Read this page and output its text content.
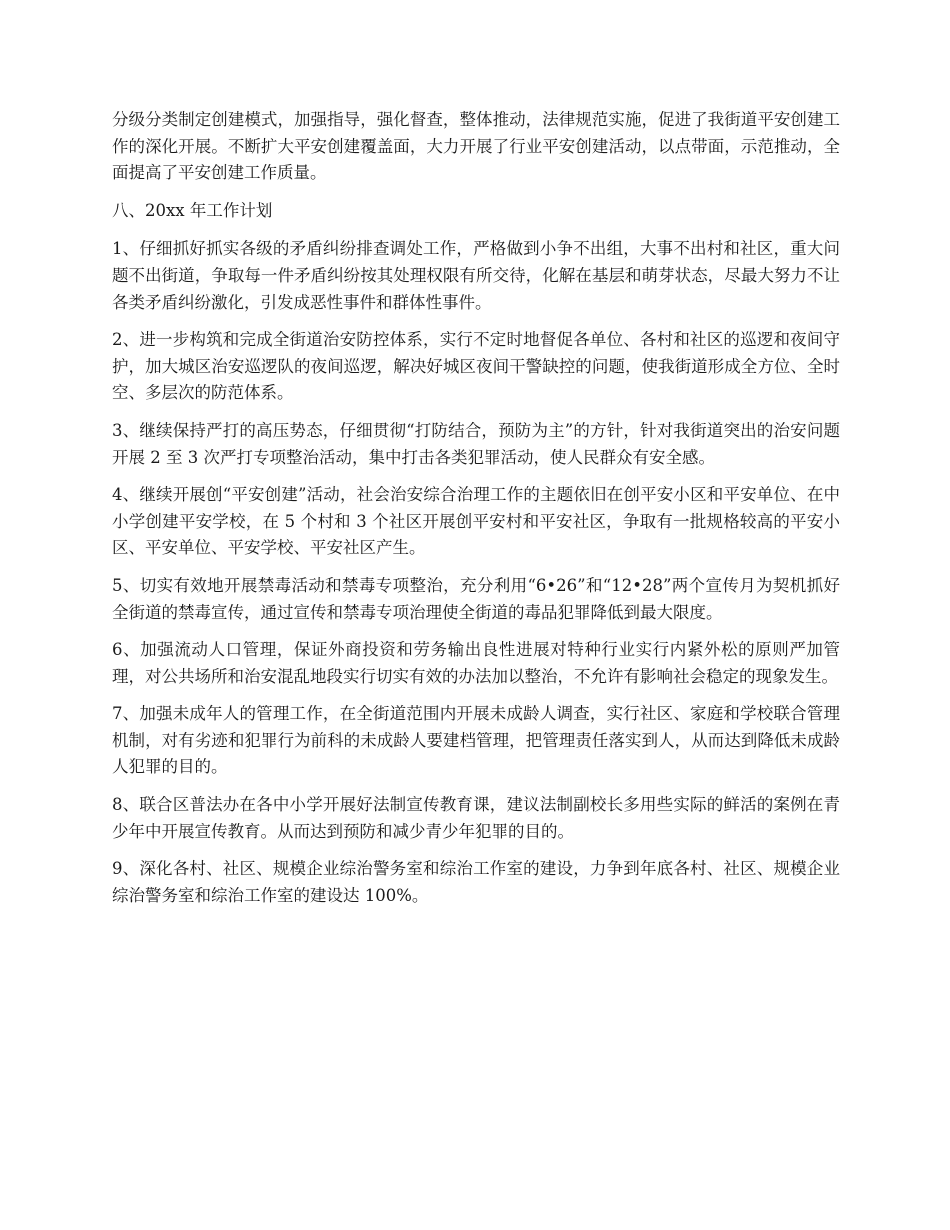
分级分类制定创建模式，加强指导，强化督查，整体推动，法律规范实施，促进了我街道平安创建工作的深化开展。不断扩大平安创建覆盖面，大力开展了行业平安创建活动，以点带面，示范推动，全面提高了平安创建工作质量。

八、20xx 年工作计划

1、仔细抓好抓实各级的矛盾纠纷排查调处工作，严格做到小争不出组，大事不出村和社区，重大问题不出街道，争取每一件矛盾纠纷按其处理权限有所交待，化解在基层和萌芽状态，尽最大努力不让各类矛盾纠纷激化，引发成恶性事件和群体性事件。

2、进一步构筑和完成全街道治安防控体系，实行不定时地督促各单位、各村和社区的巡逻和夜间守护，加大城区治安巡逻队的夜间巡逻，解决好城区夜间干警缺控的问题，使我街道形成全方位、全时空、多层次的防范体系。

3、继续保持严打的高压势态，仔细贯彻“打防结合，预防为主”的方针，针对我街道突出的治安问题开展 2 至 3 次严打专项整治活动，集中打击各类犯罪活动，使人民群众有安全感。

4、继续开展创“平安创建”活动，社会治安综合治理工作的主题依旧在创平安小区和平安单位、在中小学创建平安学校，在 5 个村和 3 个社区开展创平安村和平安社区，争取有一批规格较高的平安小区、平安单位、平安学校、平安社区产生。

5、切实有效地开展禁毒活动和禁毒专项整治，充分利用“6•26”和“12•28”两个宣传月为契机抓好全街道的禁毒宣传，通过宣传和禁毒专项治理使全街道的毒品犯罪降低到最大限度。

6、加强流动人口管理，保证外商投资和劳务输出良性进展对特种行业实行内紧外松的原则严加管理，对公共场所和治安混乱地段实行切实有效的办法加以整治，不允许有影响社会稳定的现象发生。

7、加强未成年人的管理工作，在全街道范围内开展未成龄人调查，实行社区、家庭和学校联合管理机制，对有劣迹和犯罪行为前科的未成龄人要建档管理，把管理责任落实到人，从而达到降低未成龄人犯罪的目的。

8、联合区普法办在各中小学开展好法制宣传教育课，建议法制副校长多用些实际的鲜活的案例在青少年中开展宣传教育。从而达到预防和减少青少年犯罪的目的。

9、深化各村、社区、规模企业综治警务室和综治工作室的建设，力争到年底各村、社区、规模企业综治警务室和综治工作室的建设达 100%。
